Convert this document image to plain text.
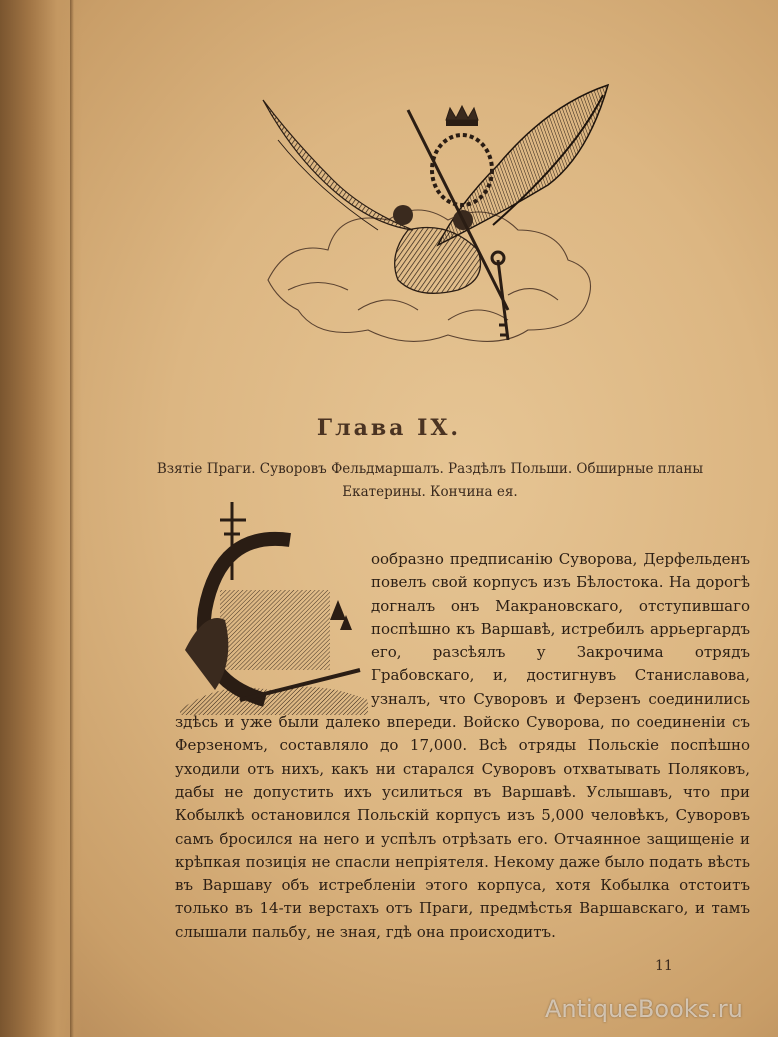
Глава IX.
Взятіе Праги. Суворовъ Фельдмаршалъ. Раздѣлъ Польши. Обширные планы Екатерины. Кончина ея.
ообразно предписанію Суворова, Дерфельденъ повелъ свой корпусъ изъ Бѣлостока. На дорогѣ догналъ онъ Макрановскаго, отступившаго поспѣшно къ Варшавѣ, истребилъ аррьергардъ его, разсѣялъ у Закрочима отрядъ Грабовскаго, и, достигнувъ Станиславова, узналъ, что Суворовъ и Ферзенъ соединились здѣсь и уже были далеко впереди. Войско Суворова, по соединеніи съ Ферзеномъ, составляло до 17,000. Всѣ отряды Польскіе поспѣшно уходили отъ нихъ, какъ ни старался Суворовъ отхватывать Поляковъ, дабы не допустить ихъ усилиться въ Варшавѣ. Услышавъ, что при Кобылкѣ остановился Польскій корпусъ изъ 5,000 человѣкъ, Суворовъ самъ бросился на него и успѣлъ отрѣзать его. Отчаянное защищеніе и крѣпкая позиція не спасли непріятеля. Некому даже было подать вѣсть въ Варшаву объ истребленіи этого корпуса, хотя Кобылка отстоитъ только въ 14-ти верстахъ отъ Праги, предмѣстья Варшавскаго, и тамъ слышали пальбу, не зная, гдѣ она происходитъ.
11
AntiqueBooks.ru
